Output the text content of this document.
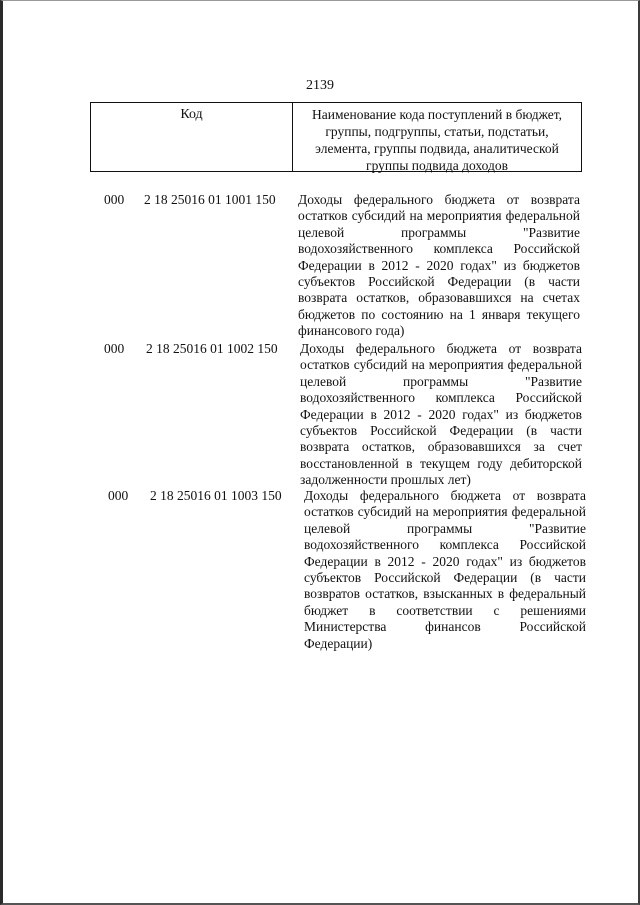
2139
Код	Наименование кода поступлений в бюджет, группы, подгруппы, статьи, подстатьи, элемента, группы подвида, аналитической группы подвида доходов
000 2 18 25016 01 1001 150 Доходы федерального бюджета от возврата остатков субсидий на мероприятия федеральной целевой программы "Развитие водохозяйственного комплекса Российской Федерации в 2012 - 2020 годах" из бюджетов субъектов Российской Федерации (в части возврата остатков, образовавшихся на счетах бюджетов по состоянию на 1 января текущего финансового года)
000 2 18 25016 01 1002 150 Доходы федерального бюджета от возврата остатков субсидий на мероприятия федеральной целевой программы "Развитие водохозяйственного комплекса Российской Федерации в 2012 - 2020 годах" из бюджетов субъектов Российской Федерации (в части возврата остатков, образовавшихся за счет восстановленной в текущем году дебиторской задолженности прошлых лет)
000 2 18 25016 01 1003 150 Доходы федерального бюджета от возврата остатков субсидий на мероприятия федеральной целевой программы "Развитие водохозяйственного комплекса Российской Федерации в 2012 - 2020 годах" из бюджетов субъектов Российской Федерации (в части возвратов остатков, взысканных в федеральный бюджет в соответствии с решениями Министерства финансов Российской Федерации)
